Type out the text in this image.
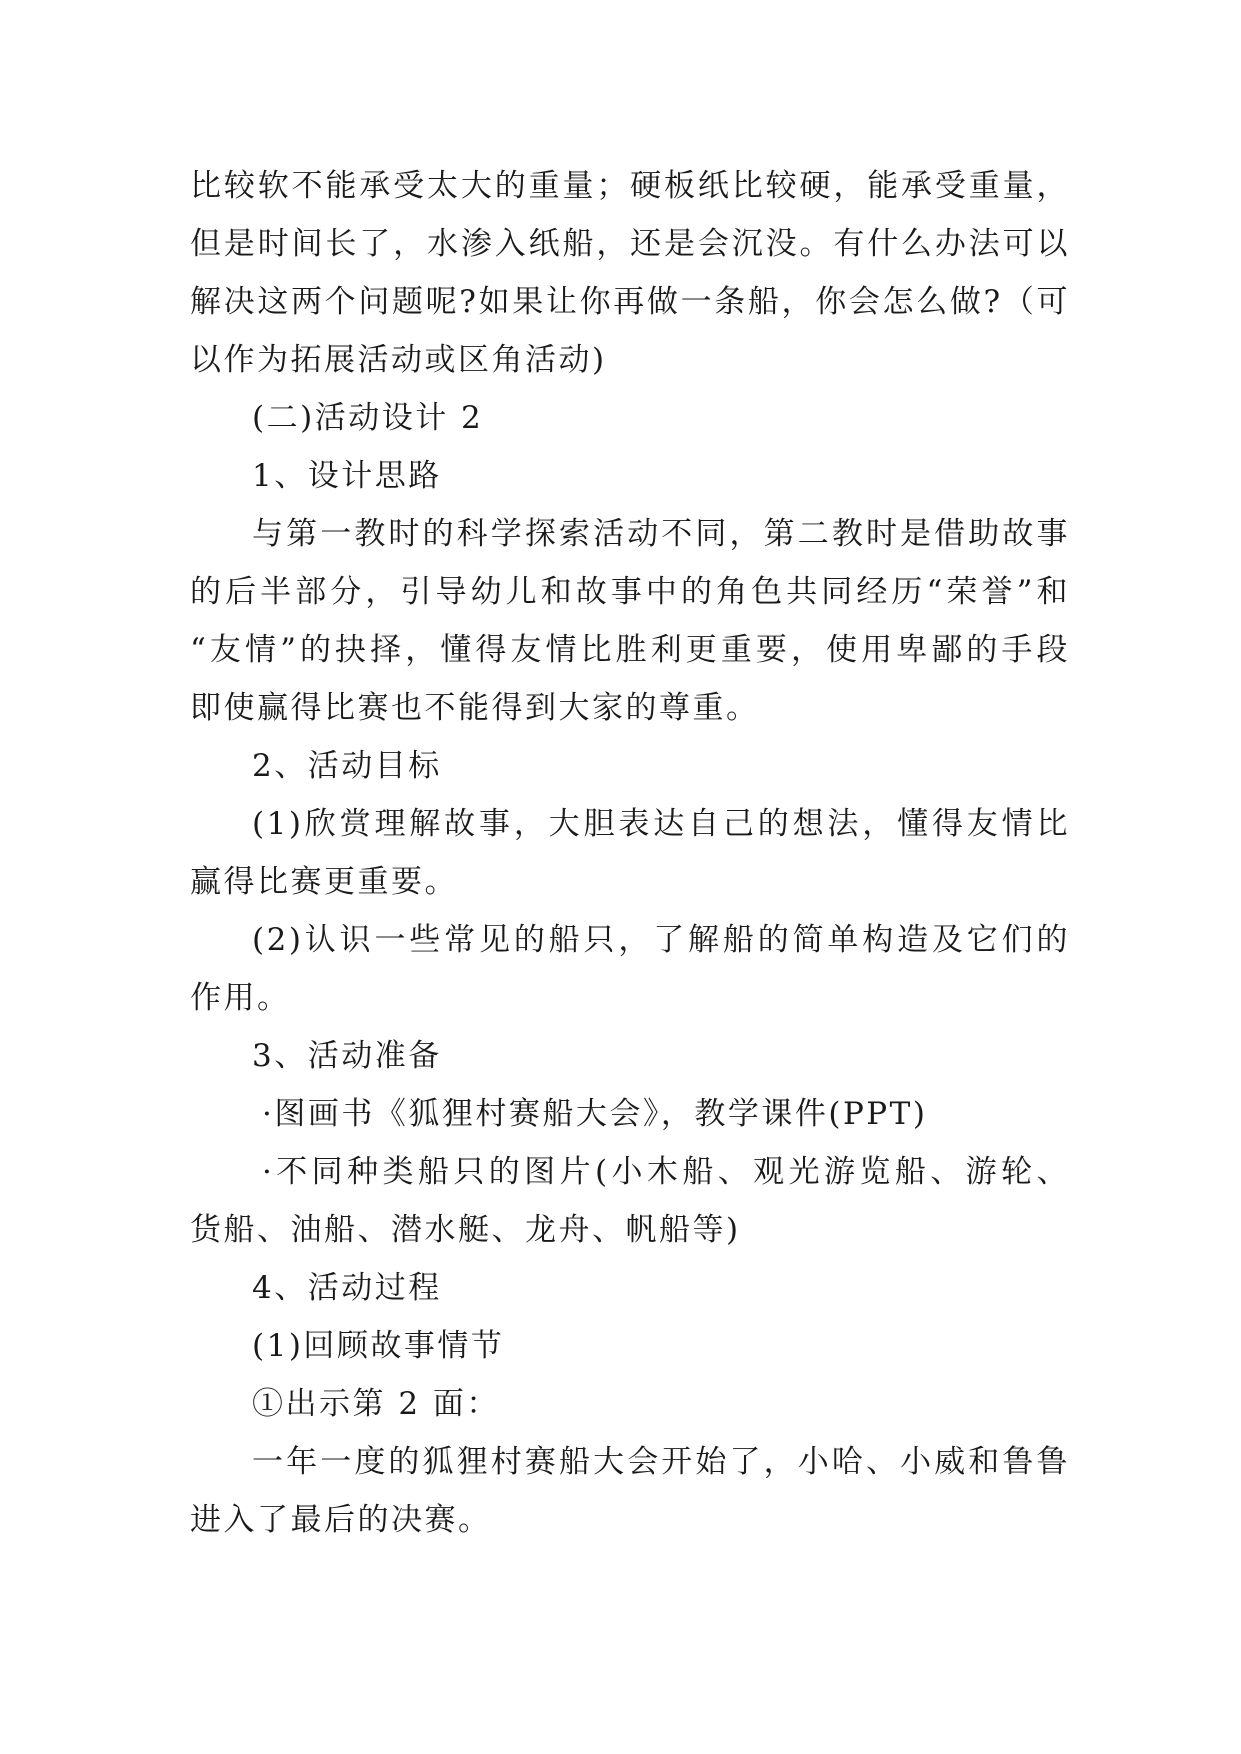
比较软不能承受太大的重量；硬板纸比较硬，能承受重量，
但是时间长了，水渗入纸船，还是会沉没。有什么办法可以
解决这两个问题呢?如果让你再做一条船，你会怎么做?（可
以作为拓展活动或区角活动)
(二)活动设计 2
1、设计思路
与第一教时的科学探索活动不同，第二教时是借助故事
的后半部分，引导幼儿和故事中的角色共同经历“荣誉”和
“友情”的抉择，懂得友情比胜利更重要，使用卑鄙的手段
即使赢得比赛也不能得到大家的尊重。
2、活动目标
(1)欣赏理解故事，大胆表达自己的想法，懂得友情比
赢得比赛更重要。
(2)认识一些常见的船只，了解船的简单构造及它们的
作用。
3、活动准备
·图画书《狐狸村赛船大会》，教学课件(PPT)
·不同种类船只的图片(小木船、观光游览船、游轮、
货船、油船、潜水艇、龙舟、帆船等)
4、活动过程
(1)回顾故事情节
①出示第 2 面：
一年一度的狐狸村赛船大会开始了，小哈、小威和鲁鲁
进入了最后的决赛。
